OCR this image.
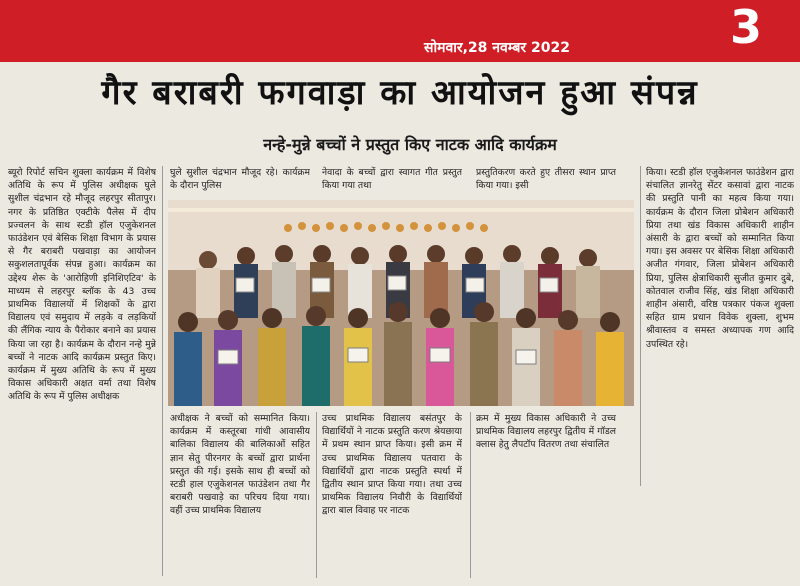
सोमवार,28 नवम्बर 2022	3
गैर बराबरी फगवाड़ा का आयोजन हुआ संपन्न
नन्हे-मुन्ने बच्चों ने प्रस्तुत किए नाटक आदि कार्यक्रम
ब्यूरो रिपोर्ट सचिन शुक्ला कार्यक्रम में विशेष अतिथि के रूप में पुलिस अधीक्षक घुले सुशील चंद्रभान रहे मौजूद लहरपुर सीतापुर। नगर के प्रतिष्ठित एक्टीके पैलेस में दीप प्रज्वलन के साथ स्टडी हॉल एजुकेशनल फाउंडेशन एवं बेसिक शिक्षा विभाग के प्रयास से गैर बराबरी पखवाड़ा का आयोजन सकुशलतापूर्वक संपन्न हुआ। कार्यक्रम का उद्देश्य शेरू के 'आरोहिणी इनिशिएटिव' के माध्यम से लहरपुर ब्लॉक के 43 उच्च प्राथमिक विद्यालयों में शिक्षकों के द्वारा विद्यालय एवं समुदाय में लड़के व लड़कियों की लैंगिक न्याय के पैरोकार बनाने का प्रयास किया जा रहा है। कार्यक्रम के दौरान नन्हे मुन्ने बच्चों ने नाटक आदि कार्यक्रम प्रस्तुत किए। कार्यक्रम में मुख्य अतिथि के रूप में मुख्य विकास अधिकारी अक्षत वर्मा तथा विशेष अतिथि के रूप में पुलिस अधीक्षक
घुले सुशील चंद्रभान मौजूद रहे। कार्यक्रम के दौरान पुलिस
नेवादा के बच्चों द्वारा स्वागत गीत प्रस्तुत किया गया तथा
प्रस्तुतिकरण करते हुए तीसरा स्थान प्राप्त किया गया। इसी
किया। स्टडी हॉल एजुकेशनल फाउंडेशन द्वारा संचालित ज्ञानरेतु सेंटर कसावां द्वारा नाटक की प्रस्तुति पानी का महत्व किया गया। कार्यक्रम के दौरान जिला प्रोबेशन अधिकारी प्रिया तथा खंड विकास अधिकारी शाहीन अंसारी के द्वारा बच्चों को सम्मानित किया गया। इस अवसर पर बेसिक शिक्षा अधिकारी अजीत गंगवार, जिला प्रोबेशन अधिकारी प्रिया, पुलिस क्षेत्राधिकारी सुजीत कुमार दुबे, कोतवाल राजीव सिंह, खंड शिक्षा अधिकारी शाहीन अंसारी, वरिष्ठ पत्रकार पंकज शुक्ला सहित ग्राम प्रधान विवेक शुक्ला, शुभम श्रीवास्तव व समस्त अध्यापक गण आदि उपस्थित रहे।
अधीक्षक ने बच्चों को सम्मानित किया। कार्यक्रम में कस्तूरबा गांधी आवासीय बालिका विद्यालय की बालिकाओं सहित ज्ञान सेतु पीरनगर के बच्चों द्वारा प्रार्थना प्रस्तुत की गई। इसके साथ ही बच्चों को स्टडी हाल एजुकेशनल फाउंडेशन तथा गैर बराबरी पखवाड़े का परिचय दिया गया। वहीं उच्च प्राथमिक विद्यालय
उच्च प्राथमिक विद्यालय बसंतपुर के विद्यार्थियों ने नाटक प्रस्तुति करण श्रेयछाया में प्रथम स्थान प्राप्त किया। इसी क्रम में उच्च प्राथमिक विद्यालय पतवारा के विद्यार्थियों द्वारा नाटक प्रस्तुति स्पर्धा में द्वितीय स्थान प्राप्त किया गया। तथा उच्च प्राथमिक विद्यालय निवौरी के विद्यार्थियों द्वारा बाल विवाह पर नाटक
क्रम में मुख्य विकास अधिकारी ने उच्च प्राथमिक विद्यालय लहरपुर द्वितीय में गॉडल क्लास हेतु लैपटॉप वितरण तथा संचालित
